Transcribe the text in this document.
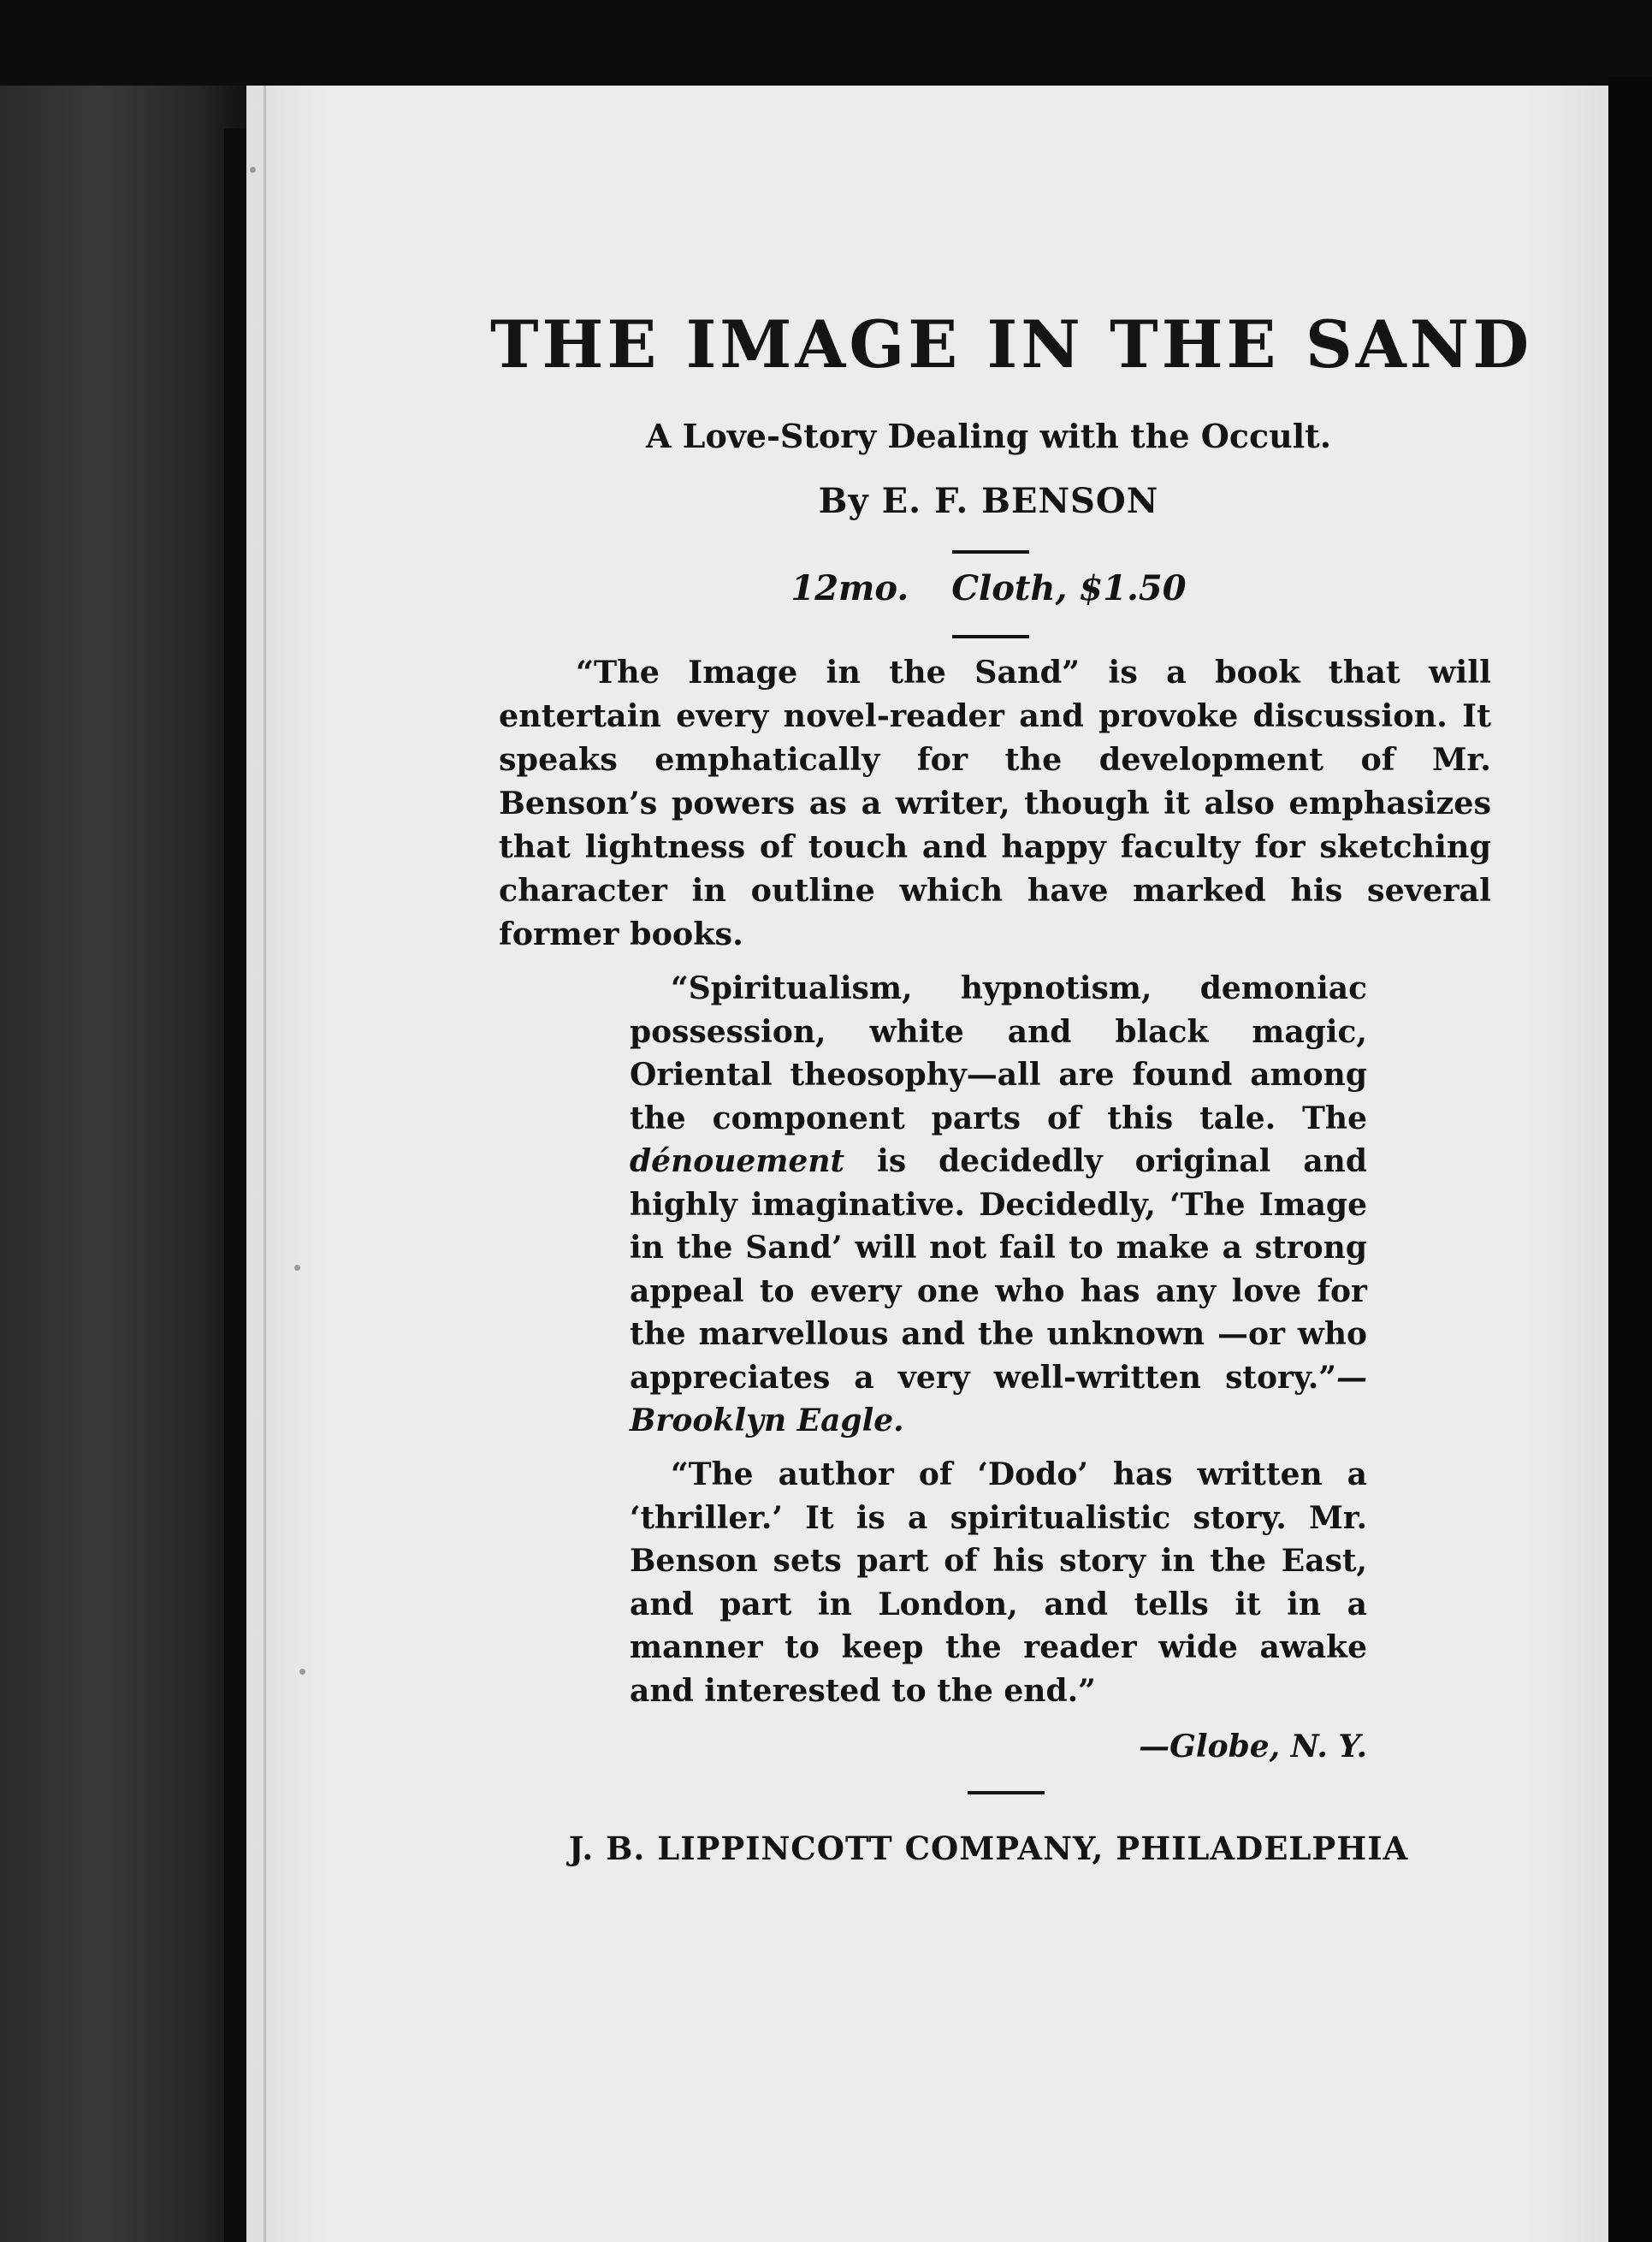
THE IMAGE IN THE SAND
A Love-Story Dealing with the Occult.
By E. F. BENSON
12mo. Cloth, $1.50

“The Image in the Sand” is a book that will entertain every novel-reader and provoke discussion. It speaks emphatically for the development of Mr. Benson’s powers as a writer, though it also emphasizes that lightness of touch and happy faculty for sketching character in outline which have marked his several former books.

“Spiritualism, hypnotism, demoniac possession, white and black magic, Oriental theosophy—all are found among the component parts of this tale. The dénouement is decidedly original and highly imaginative. Decidedly, ‘The Image in the Sand’ will not fail to make a strong appeal to every one who has any love for the marvellous and the unknown —or who appreciates a very well-written story.”—Brooklyn Eagle.

“The author of ‘Dodo’ has written a ‘thriller.’ It is a spiritualistic story. Mr. Benson sets part of his story in the East, and part in London, and tells it in a manner to keep the reader wide awake and interested to the end.”

—Globe, N. Y.
J. B. LIPPINCOTT COMPANY, PHILADELPHIA
